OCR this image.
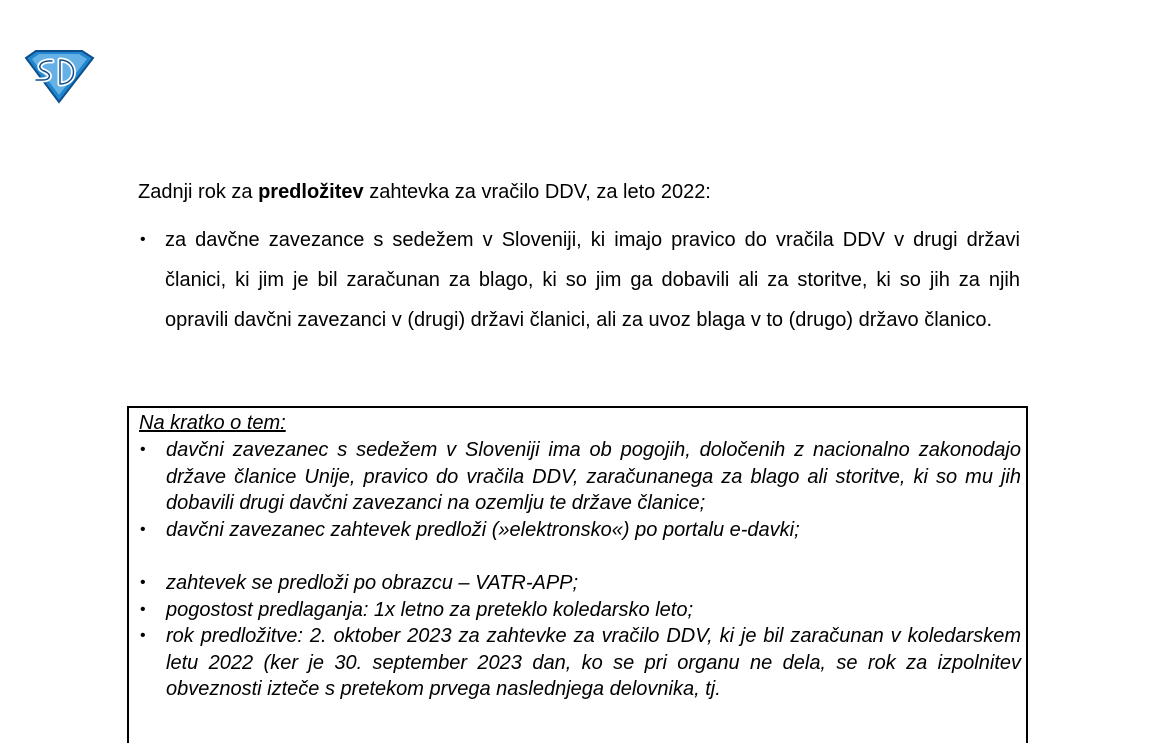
Zadnji rok za predložitev zahtevka za vračilo DDV, za leto 2022:
• za davčne zavezance s sedežem v Sloveniji, ki imajo pravico do vračila DDV v drugi državi članici, ki jim je bil zaračunan za blago, ki so jim ga dobavili ali za storitve, ki so jih za njih opravili davčni zavezanci v (drugi) državi članici, ali za uvoz blaga v to (drugo) državo članico.
Na kratko o tem:
• davčni zavezanec s sedežem v Sloveniji ima ob pogojih, določenih z nacionalno zakonodajo države članice Unije, pravico do vračila DDV, zaračunanega za blago ali storitve, ki so mu jih dobavili drugi davčni zavezanci na ozemlju te države članice;
• davčni zavezanec zahtevek predloži (»elektronsko«) po portalu e-davki;
• zahtevek se predloži po obrazcu – VATR-APP;
• pogostost predlaganja: 1x letno za preteklo koledarsko leto;
• rok predložitve: 2. oktober 2023 za zahtevke za vračilo DDV, ki je bil zaračunan v koledarskem letu 2022 (ker je 30. september 2023 dan, ko se pri organu ne dela, se rok za izpolnitev obveznosti izteče s pretekom prvega naslednjega delovnika, tj.
